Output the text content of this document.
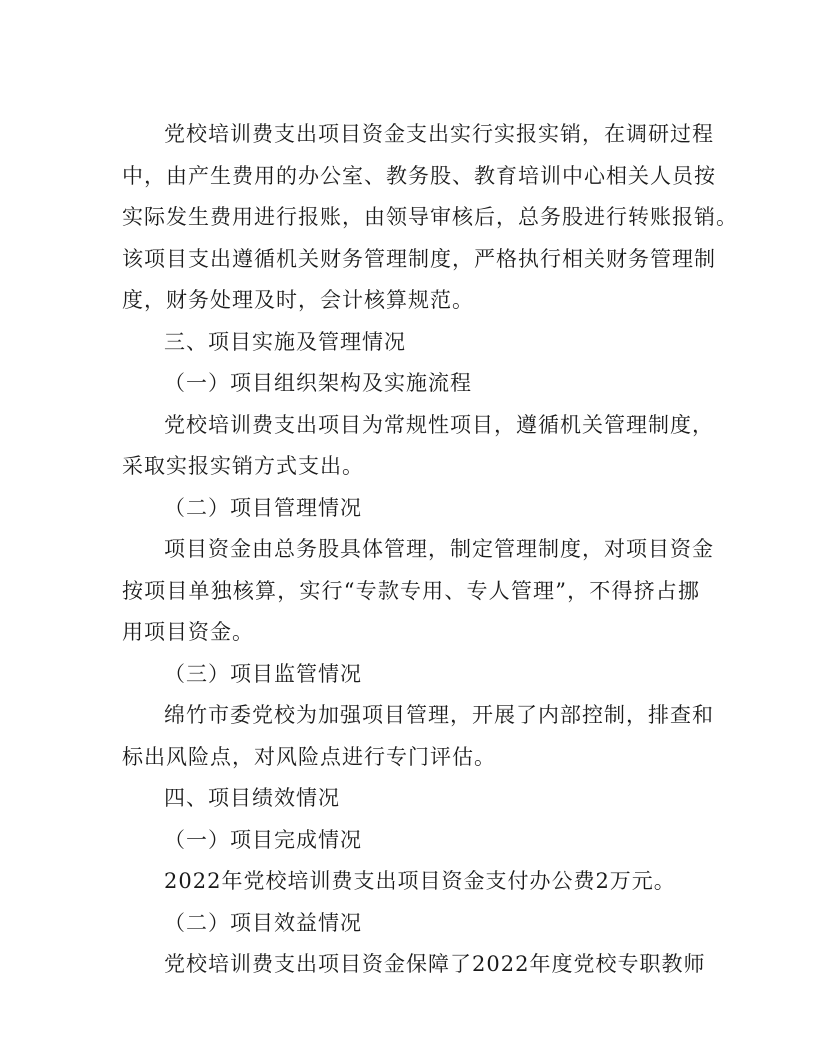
党校培训费支出项目资金支出实行实报实销，在调研过程
中，由产生费用的办公室、教务股、教育培训中心相关人员按
实际发生费用进行报账，由领导审核后，总务股进行转账报销。
该项目支出遵循机关财务管理制度，严格执行相关财务管理制
度，财务处理及时，会计核算规范。
三、项目实施及管理情况
（一）项目组织架构及实施流程
党校培训费支出项目为常规性项目，遵循机关管理制度，
采取实报实销方式支出。
（二）项目管理情况
项目资金由总务股具体管理，制定管理制度，对项目资金
按项目单独核算，实行“专款专用、专人管理”，不得挤占挪
用项目资金。
（三）项目监管情况
绵竹市委党校为加强项目管理，开展了内部控制，排查和
标出风险点，对风险点进行专门评估。
四、项目绩效情况
（一）项目完成情况
2022年党校培训费支出项目资金支付办公费2万元。
（二）项目效益情况
党校培训费支出项目资金保障了2022年度党校专职教师
